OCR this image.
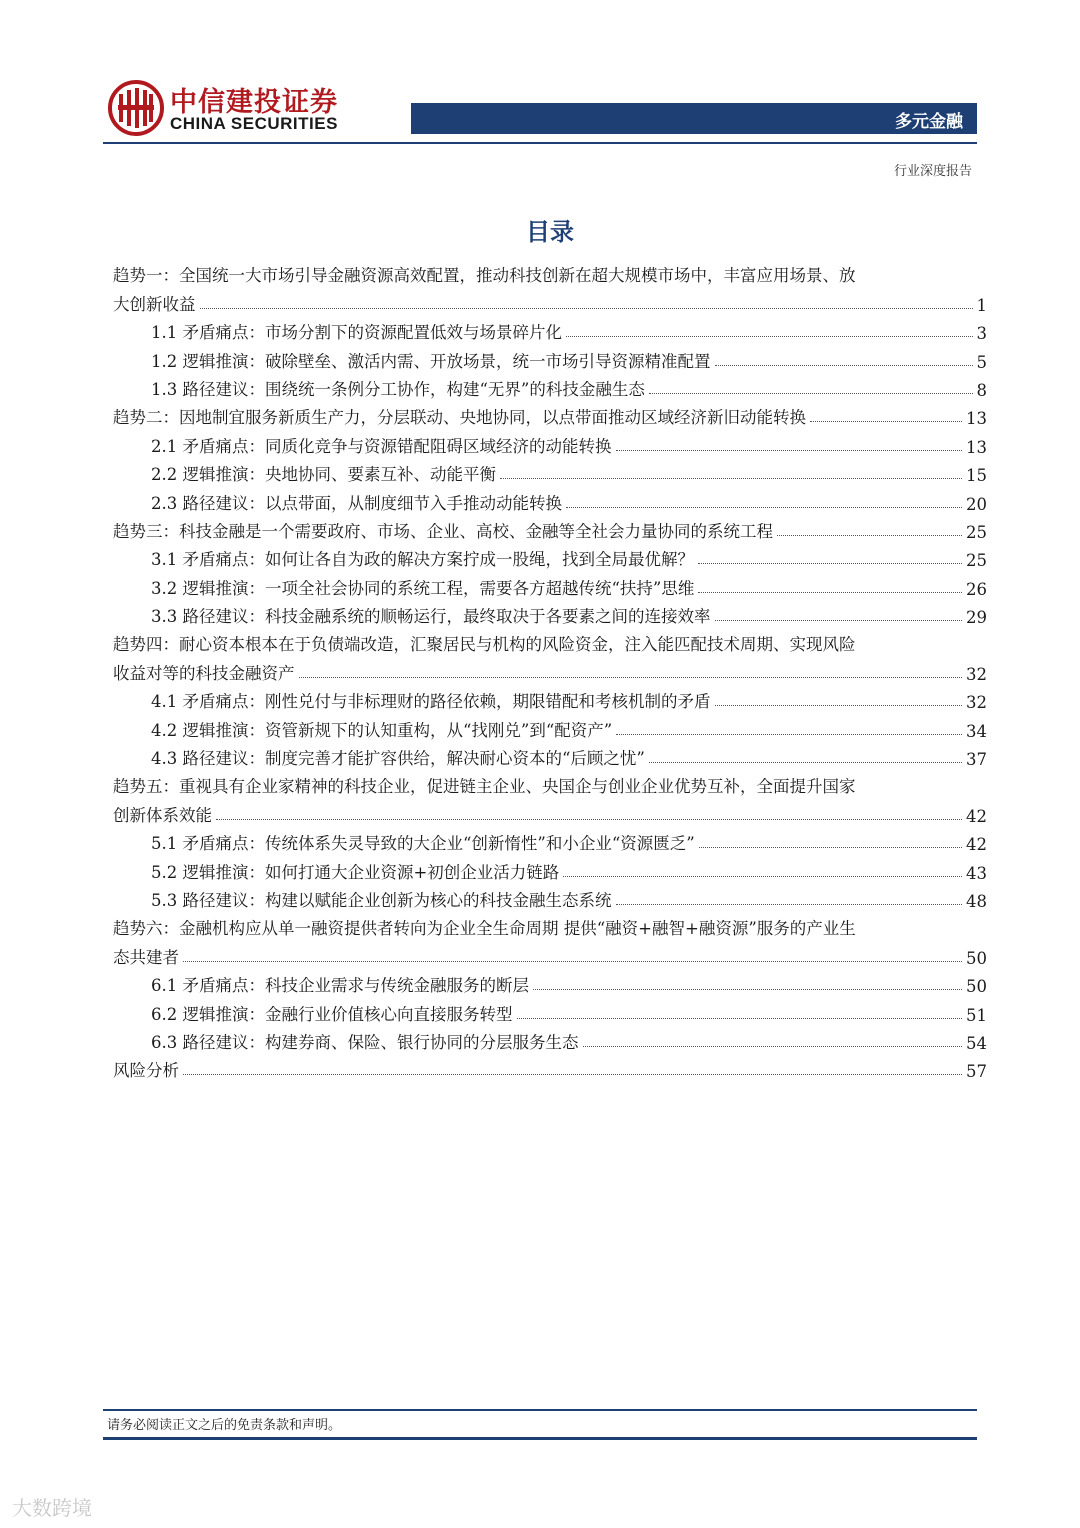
中信建投证券
CHINA SECURITIES	多元金融
行业深度报告
目录
趋势一：全国统一大市场引导金融资源高效配置，推动科技创新在超大规模市场中，丰富应用场景、放
大创新收益	1
1.1 矛盾痛点：市场分割下的资源配置低效与场景碎片化	3
1.2 逻辑推演：破除壁垒、激活内需、开放场景，统一市场引导资源精准配置	5
1.3 路径建议：围绕统一条例分工协作，构建“无界”的科技金融生态	8
趋势二：因地制宜服务新质生产力，分层联动、央地协同，以点带面推动区域经济新旧动能转换	13
2.1 矛盾痛点：同质化竞争与资源错配阻碍区域经济的动能转换	13
2.2 逻辑推演：央地协同、要素互补、动能平衡	15
2.3 路径建议：以点带面，从制度细节入手推动动能转换	20
趋势三：科技金融是一个需要政府、市场、企业、高校、金融等全社会力量协同的系统工程	25
3.1 矛盾痛点：如何让各自为政的解决方案拧成一股绳，找到全局最优解？	25
3.2 逻辑推演：一项全社会协同的系统工程，需要各方超越传统“扶持”思维	26
3.3 路径建议：科技金融系统的顺畅运行，最终取决于各要素之间的连接效率	29
趋势四：耐心资本根本在于负债端改造，汇聚居民与机构的风险资金，注入能匹配技术周期、实现风险
收益对等的科技金融资产	32
4.1 矛盾痛点：刚性兑付与非标理财的路径依赖，期限错配和考核机制的矛盾	32
4.2 逻辑推演：资管新规下的认知重构，从“找刚兑”到“配资产”	34
4.3 路径建议：制度完善才能扩容供给，解决耐心资本的“后顾之忧”	37
趋势五：重视具有企业家精神的科技企业，促进链主企业、央国企与创业企业优势互补，全面提升国家
创新体系效能	42
5.1 矛盾痛点：传统体系失灵导致的大企业“创新惰性”和小企业“资源匮乏”	42
5.2 逻辑推演：如何打通大企业资源+初创企业活力链路	43
5.3 路径建议：构建以赋能企业创新为核心的科技金融生态系统	48
趋势六：金融机构应从单一融资提供者转向为企业全生命周期 提供“融资+融智+融资源”服务的产业生
态共建者	50
6.1 矛盾痛点：科技企业需求与传统金融服务的断层	50
6.2 逻辑推演：金融行业价值核心向直接服务转型	51
6.3 路径建议：构建券商、保险、银行协同的分层服务生态	54
风险分析	57
请务必阅读正文之后的免责条款和声明。
大数跨境
